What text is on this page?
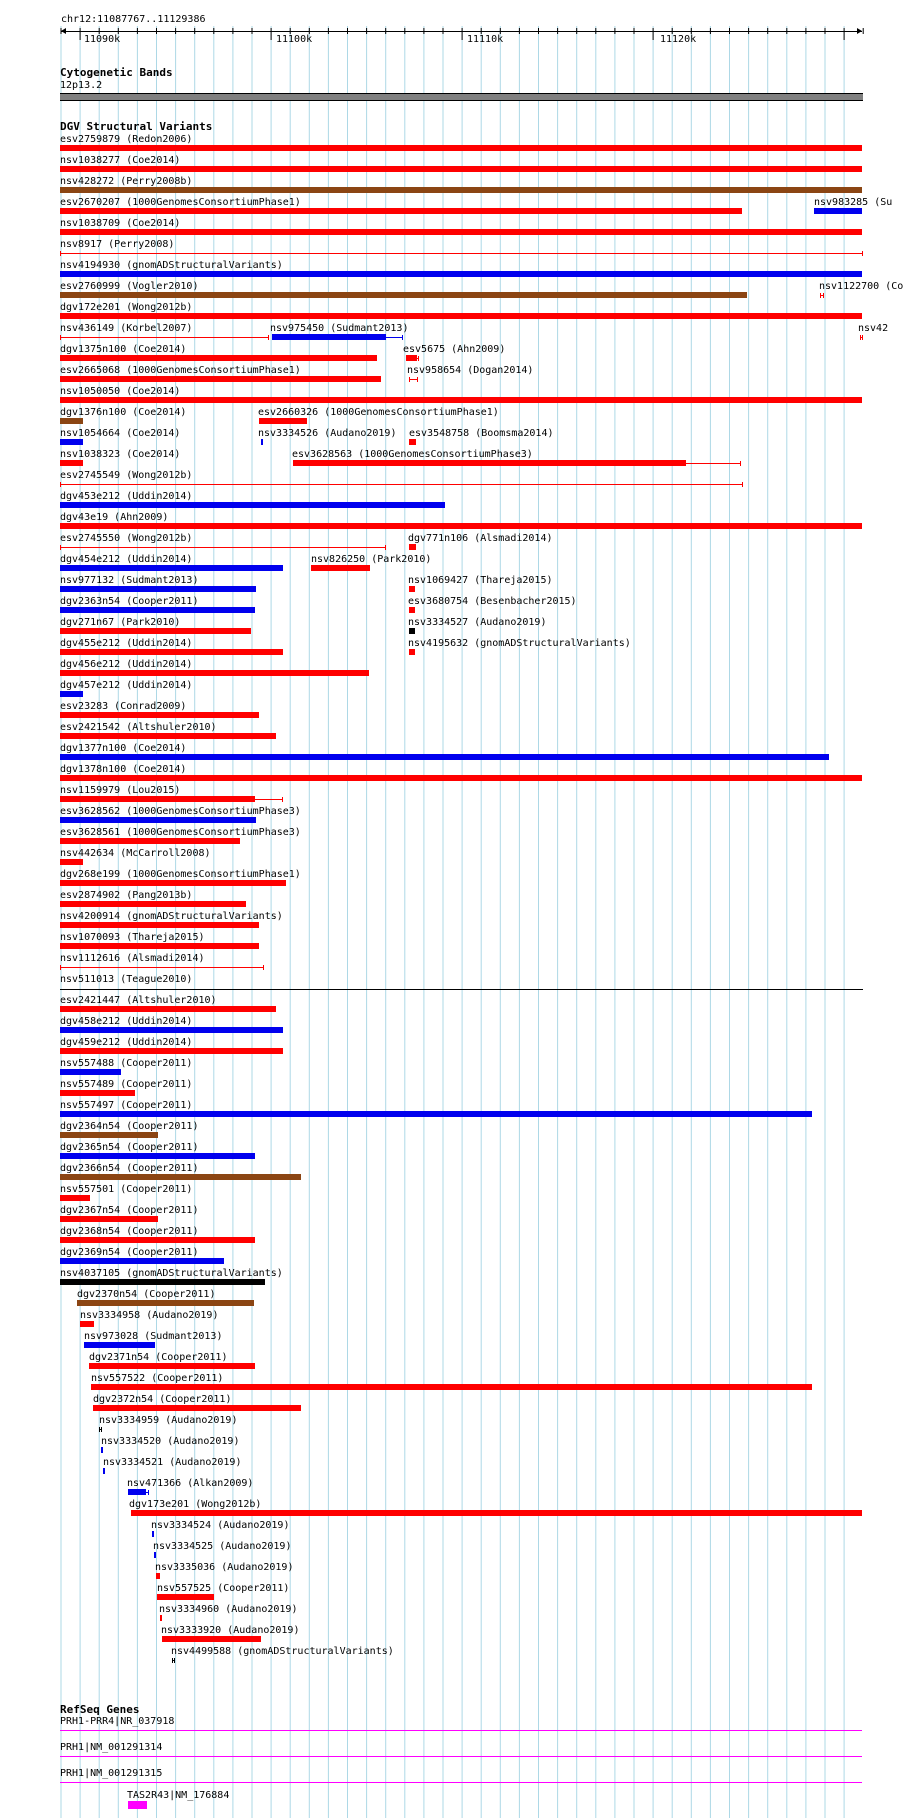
chr12:11087767..11129386
11090k	11100k	11110k	11120k
Cytogenetic Bands
12p13.2
DGV Structural Variants
esv2759879 (Redon2006)
nsv1038277 (Coe2014)
nsv428272 (Perry2008b)
esv2670207 (1000GenomesConsortiumPhase1)	nsv983285 (Su
nsv1038709 (Coe2014)
nsv8917 (Perry2008)
nsv4194930 (gnomADStructuralVariants)
esv2760999 (Vogler2010)	nsv1122700 (Co
dgv172e201 (Wong2012b)
nsv436149 (Korbel2007)	nsv975450 (Sudmant2013)	nsv42
dgv1375n100 (Coe2014)	esv5675 (Ahn2009)
esv2665068 (1000GenomesConsortiumPhase1)	nsv958654 (Dogan2014)
nsv1050050 (Coe2014)
dgv1376n100 (Coe2014)	esv2660326 (1000GenomesConsortiumPhase1)
nsv1054664 (Coe2014)	nsv3334526 (Audano2019) esv3548758 (Boomsma2014)
nsv1038323 (Coe2014)	esv3628563 (1000GenomesConsortiumPhase3)
esv2745549 (Wong2012b)
dgv453e212 (Uddin2014)
dgv43e19 (Ahn2009)
esv2745550 (Wong2012b)	dgv771n106 (Alsmadi2014)
dgv454e212 (Uddin2014)	nsv826250 (Park2010)
nsv977132 (Sudmant2013)	nsv1069427 (Thareja2015)
dgv2363n54 (Cooper2011)	esv3680754 (Besenbacher2015)
dgv271n67 (Park2010)	nsv3334527 (Audano2019)
dgv455e212 (Uddin2014)	nsv4195632 (gnomADStructuralVariants)
dgv456e212 (Uddin2014)
dgv457e212 (Uddin2014)
esv23283 (Conrad2009)
esv2421542 (Altshuler2010)
dgv1377n100 (Coe2014)
dgv1378n100 (Coe2014)
nsv1159979 (Lou2015)
esv3628562 (1000GenomesConsortiumPhase3)
esv3628561 (1000GenomesConsortiumPhase3)
nsv442634 (McCarroll2008)
dgv268e199 (1000GenomesConsortiumPhase1)
esv2874902 (Pang2013b)
nsv4200914 (gnomADStructuralVariants)
nsv1070093 (Thareja2015)
nsv1112616 (Alsmadi2014)
nsv511013 (Teague2010)
esv2421447 (Altshuler2010)
dgv458e212 (Uddin2014)
dgv459e212 (Uddin2014)
nsv557488 (Cooper2011)
nsv557489 (Cooper2011)
nsv557497 (Cooper2011)
dgv2364n54 (Cooper2011)
dgv2365n54 (Cooper2011)
dgv2366n54 (Cooper2011)
nsv557501 (Cooper2011)
dgv2367n54 (Cooper2011)
dgv2368n54 (Cooper2011)
dgv2369n54 (Cooper2011)
nsv4037105 (gnomADStructuralVariants)
dgv2370n54 (Cooper2011)
nsv3334958 (Audano2019)
nsv973028 (Sudmant2013)
dgv2371n54 (Cooper2011)
nsv557522 (Cooper2011)
dgv2372n54 (Cooper2011)
nsv3334959 (Audano2019)
nsv3334520 (Audano2019)
nsv3334521 (Audano2019)
nsv471366 (Alkan2009)
dgv173e201 (Wong2012b)
nsv3334524 (Audano2019)
nsv3334525 (Audano2019)
nsv3335036 (Audano2019)
nsv557525 (Cooper2011)
nsv3334960 (Audano2019)
nsv3333920 (Audano2019)
nsv4499588 (gnomADStructuralVariants)
RefSeq Genes
PRH1-PRR4|NR_037918
PRH1|NM_001291314
PRH1|NM_001291315
TAS2R43|NM_176884
